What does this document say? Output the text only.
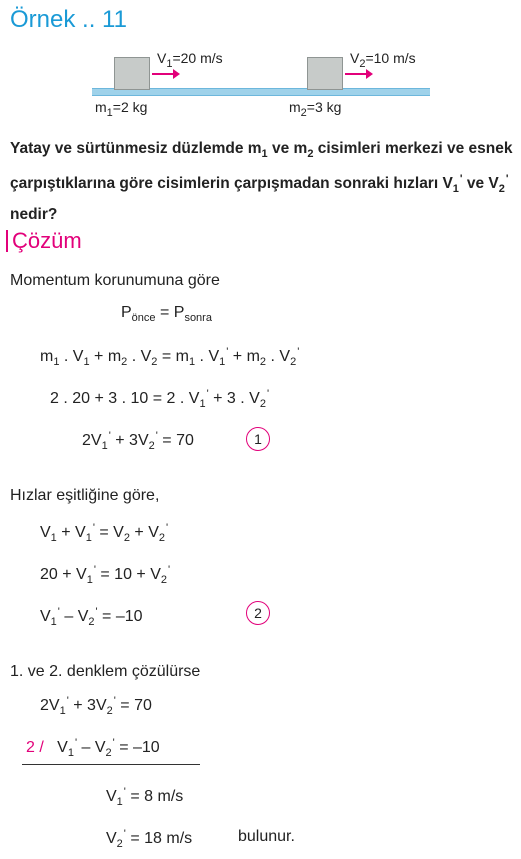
Örnek .. 11
$V_1=20$ m/s	$V_2=10$ m/s
$m_1=2$ kg	$m_2=3$ kg
Yatay ve sürtünmesiz düzlemde $m_1$ ve $m_2$ cisimleri merkezi ve esnek çarpıştıklarına göre cisimlerin çarpışmadan sonraki hızları $V_1'$ ve $V_2'$ nedir?
Çözüm
Momentum korunumuna göre
$P_{önce} = P_{sonra}$
$m_1$ . $V_1 + m_2$ . $V_2 = m_1$ . $V_1' + m_2$ . $V_2'$
2 . 20 + 3 . 10 = 2 . $V_1' + 3$ . $V_2'$
$2V_1' + 3V_2' = 70$	1
Hızlar eşitliğine göre,
$V_1 + V_1' = V_2 + V_2'$
$20 + V_1' = 10 + V_2'$
$V_1' - V_2' = -10$	2
1. ve 2. denklem çözülürse
$2V_1' + 3V_2' = 70$
$2 / V_1' - V_2' = -10$
$V_1' = 8$ m/s
$V_2' = 18$ m/s	bulunur.
